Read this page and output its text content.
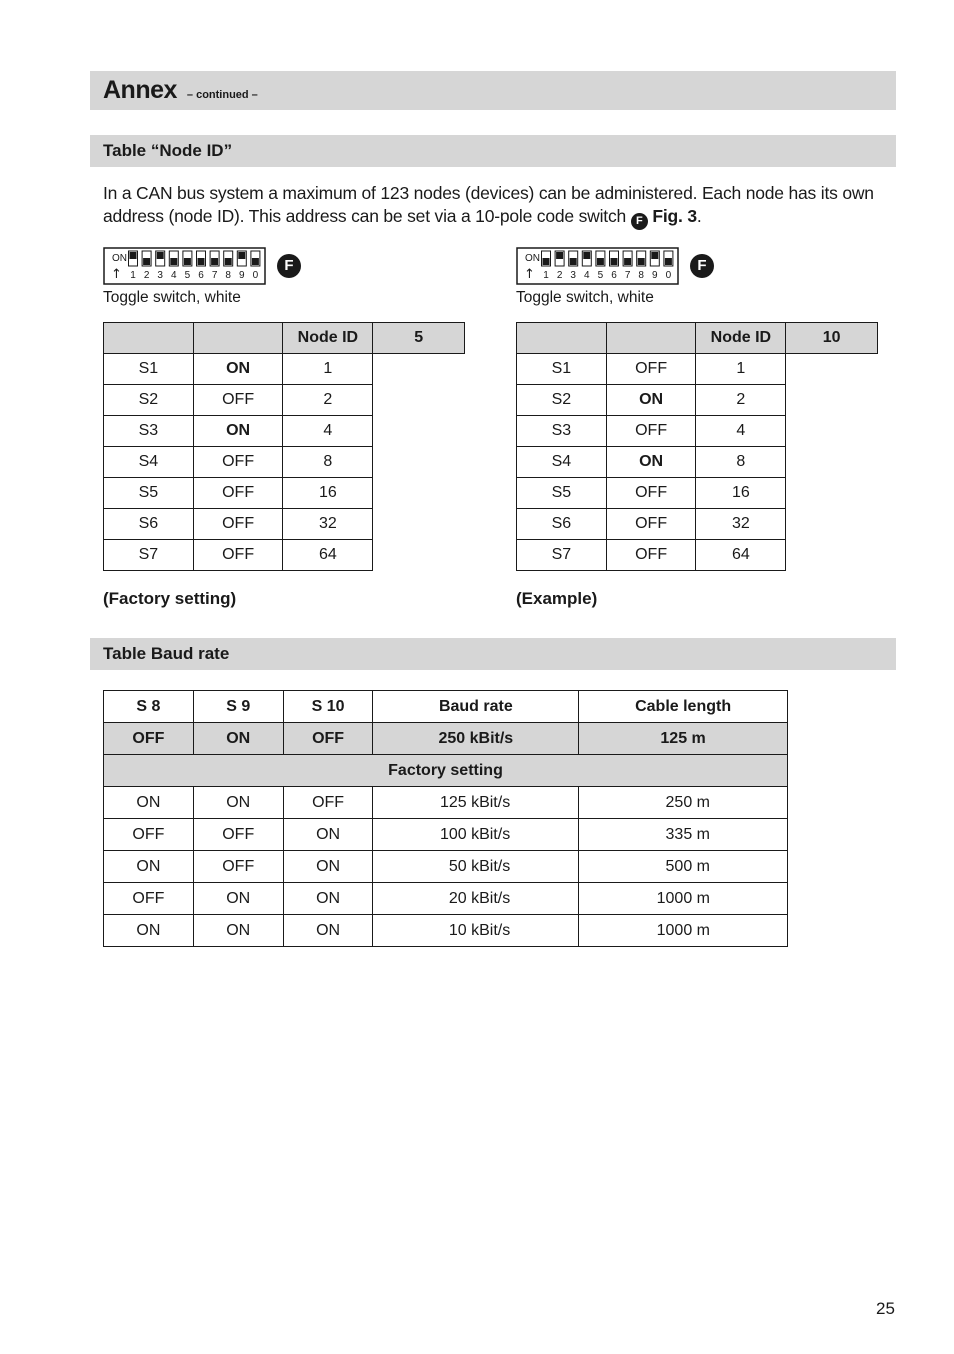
Annex – continued –
Table “Node ID”
In a CAN bus system a maximum of 123 nodes (devices) can be administered. Each node has its own address (node ID). This address can be set via a 10-pole code switch F Fig. 3.
ON
↑ 1 2 3 4 5 6 7 8 9 0
F
Toggle switch, white
ON
↑ 1 2 3 4 5 6 7 8 9 0
F
Toggle switch, white
		Node ID	5
S1	ON	1	
S2	OFF	2	
S3	ON	4	
S4	OFF	8	
S5	OFF	16	
S6	OFF	32	
S7	OFF	64	
(Factory setting)
		Node ID	10
S1	OFF	1	
S2	ON	2	
S3	OFF	4	
S4	ON	8	
S5	OFF	16	
S6	OFF	32	
S7	OFF	64	
(Example)
Table Baud rate
S 8	S 9	S 10	Baud rate	Cable length
OFF	ON	OFF	250 kBit/s	125 m
Factory setting				
ON	ON	OFF	125 kBit/s	250 m
OFF	OFF	ON	100 kBit/s	335 m
ON	OFF	ON	50 kBit/s	500 m
OFF	ON	ON	20 kBit/s	1000 m
ON	ON	ON	10 kBit/s	1000 m
25
